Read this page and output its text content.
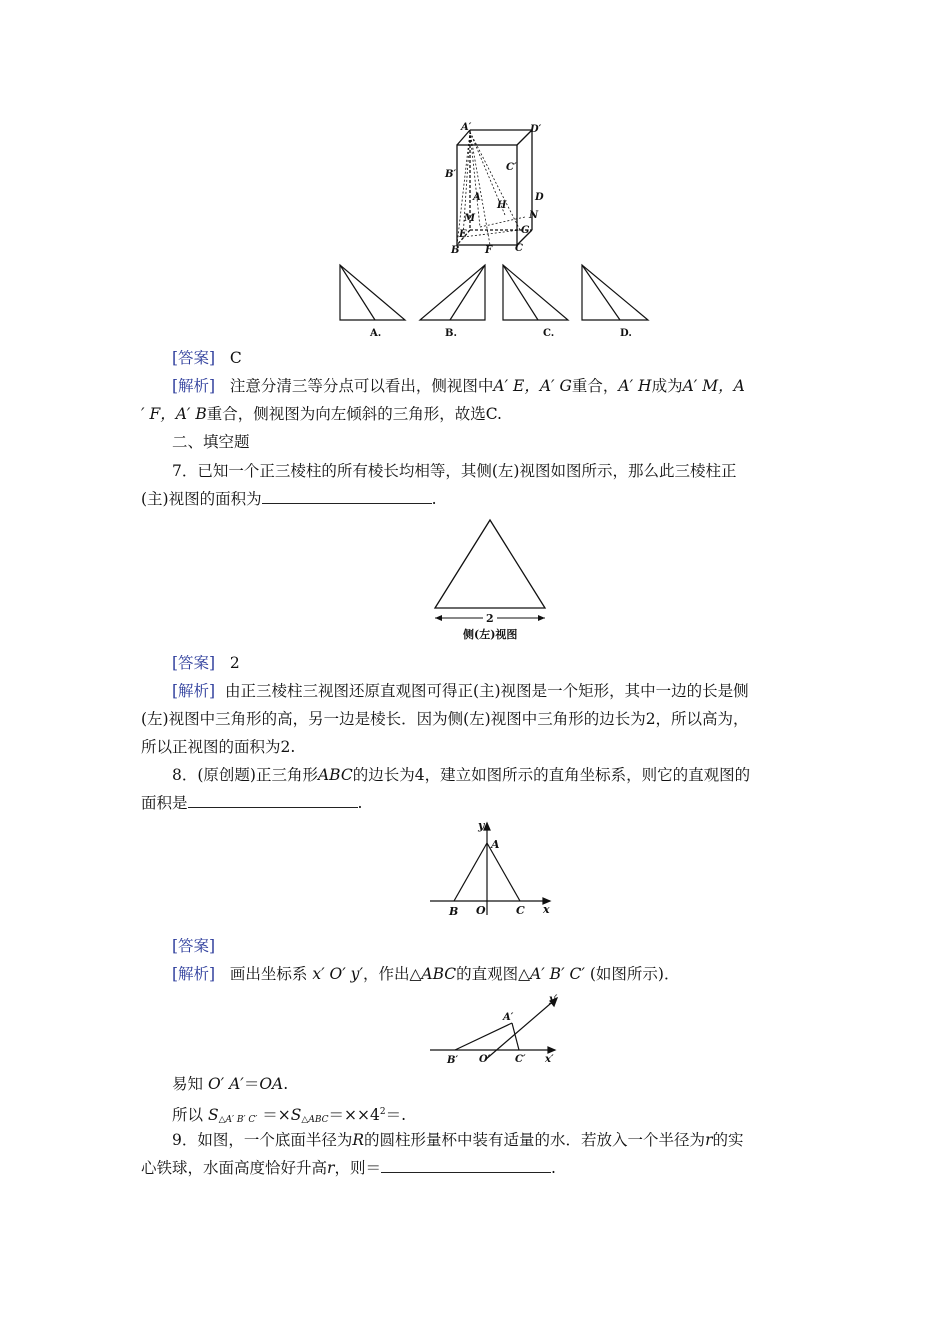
A′	D′
B′
C′
A
H
D
N
M
G
E
B	F C
A.	B.	C.	D.
[答案] C
[解析] 注意分清三等分点可以看出，侧视图中A′ E，A′ G重合，A′ H成为A′ M，A
′ F，A′ B重合，侧视图为向左倾斜的三角形，故选C.
二、填空题
7．已知一个正三棱柱的所有棱长均相等，其侧(左)视图如图所示，那么此三棱柱正
(主)视图的面积为	.
2
侧(左)视图
[答案] 2
[解析] 由正三棱柱三视图还原直观图可得正(主)视图是一个矩形，其中一边的长是侧
(左)视图中三角形的高，另一边是棱长．因为侧(左)视图中三角形的边长为2，所以高为，
所以正视图的面积为2.
8．(原创题)正三角形ABC的边长为4，建立如图所示的直角坐标系，则它的直观图的
面积是	.
y
A
B O	C x
[答案]
[解析] 画出坐标系 x′ O′ y′，作出△ABC的直观图△A′ B′ C′ (如图所示)．
y′
A′
B′ O′ C′ x′
易知 O′ A′＝OA.
所以 $S_{\triangle A' B' C'} =\times S_{\triangle ABC}=\times\times 4^2=$.
9．如图，一个底面半径为R的圆柱形量杯中装有适量的水．若放入一个半径为r的实
心铁球，水面高度恰好升高r，则＝	.
